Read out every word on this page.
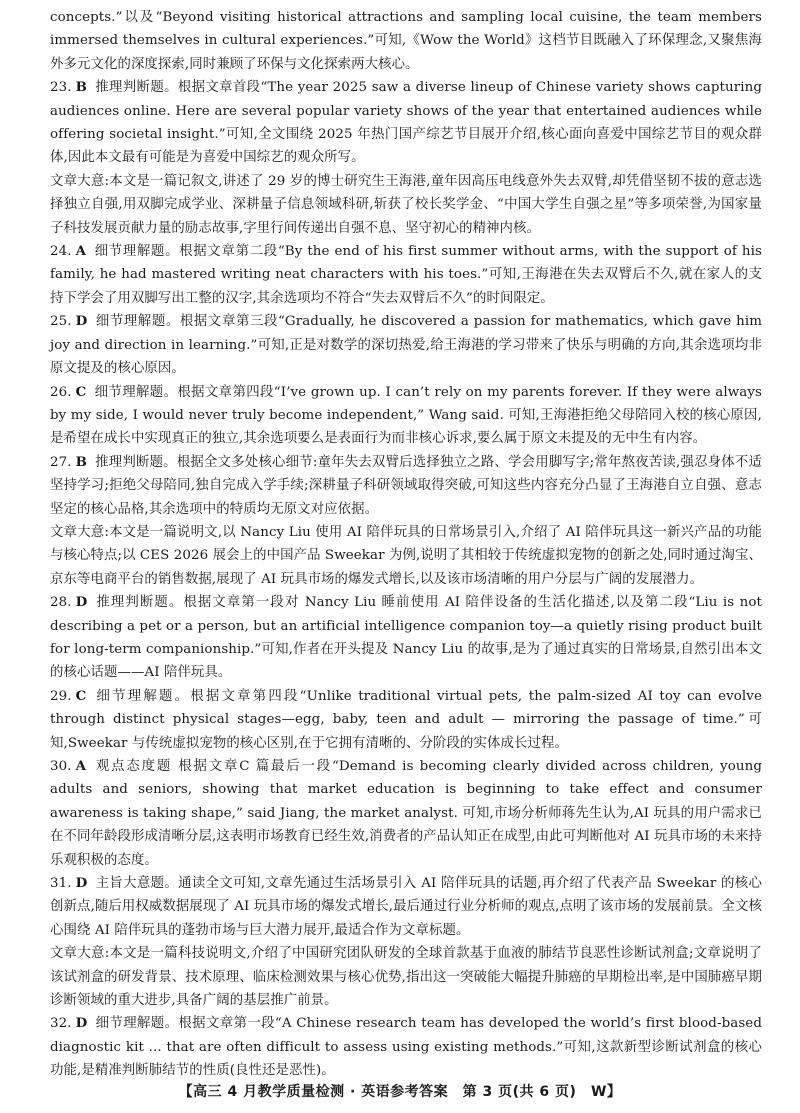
concepts.”以及“Beyond visiting historical attractions and sampling local cuisine, the team members immersed themselves in cultural experiences.”可知,《Wow the World》这档节目既融入了环保理念,又聚焦海外多元文化的深度探索,同时兼顾了环保与文化探索两大核心。

23. B 推理判断题。根据文章首段“The year 2025 saw a diverse lineup of Chinese variety shows capturing audiences online. Here are several popular variety shows of the year that entertained audiences while offering societal insight.”可知,全文围绕 2025 年热门国产综艺节目展开介绍,核心面向喜爱中国综艺节目的观众群体,因此本文最有可能是为喜爱中国综艺的观众所写。

文章大意:本文是一篇记叙文,讲述了 29 岁的博士研究生王海港,童年因高压电线意外失去双臂,却凭借坚韧不拔的意志选择独立自强,用双脚完成学业、深耕量子信息领域科研,斩获了校长奖学金、“中国大学生自强之星”等多项荣誉,为国家量子科技发展贡献力量的励志故事,字里行间传递出自强不息、坚守初心的精神内核。

24. A 细节理解题。根据文章第二段“By the end of his first summer without arms, with the support of his family, he had mastered writing neat characters with his toes.”可知,王海港在失去双臂后不久,就在家人的支持下学会了用双脚写出工整的汉字,其余选项均不符合“失去双臂后不久”的时间限定。

25. D 细节理解题。根据文章第三段“Gradually, he discovered a passion for mathematics, which gave him joy and direction in learning.”可知,正是对数学的深切热爱,给王海港的学习带来了快乐与明确的方向,其余选项均非原文提及的核心原因。

26. C 细节理解题。根据文章第四段“I’ve grown up. I can’t rely on my parents forever. If they were always by my side, I would never truly become independent,” Wang said. 可知,王海港拒绝父母陪同入校的核心原因,是希望在成长中实现真正的独立,其余选项要么是表面行为而非核心诉求,要么属于原文未提及的无中生有内容。

27. B 推理判断题。根据全文多处核心细节:童年失去双臂后选择独立之路、学会用脚写字;常年熬夜苦读,强忍身体不适坚持学习;拒绝父母陪同,独自完成入学手续;深耕量子科研领域取得突破,可知这些内容充分凸显了王海港自立自强、意志坚定的核心品格,其余选项中的特质均无原文对应依据。

文章大意:本文是一篇说明文,以 Nancy Liu 使用 AI 陪伴玩具的日常场景引入,介绍了 AI 陪伴玩具这一新兴产品的功能与核心特点;以 CES 2026 展会上的中国产品 Sweekar 为例,说明了其相较于传统虚拟宠物的创新之处,同时通过淘宝、京东等电商平台的销售数据,展现了 AI 玩具市场的爆发式增长,以及该市场清晰的用户分层与广阔的发展潜力。

28. D 推理判断题。根据文章第一段对 Nancy Liu 睡前使用 AI 陪伴设备的生活化描述,以及第二段“Liu is not describing a pet or a person, but an artificial intelligence companion toy—a quietly rising product built for long-term companionship.”可知,作者在开头提及 Nancy Liu 的故事,是为了通过真实的日常场景,自然引出本文的核心话题——AI 陪伴玩具。

29. C 细节理解题。根据文章第四段“Unlike traditional virtual pets, the palm-sized AI toy can evolve through distinct physical stages—egg, baby, teen and adult — mirroring the passage of time.”可知,Sweekar 与传统虚拟宠物的核心区别,在于它拥有清晰的、分阶段的实体成长过程。

30. A 观点态度题 根据文章C 篇最后一段“Demand is becoming clearly divided across children, young adults and seniors, showing that market education is beginning to take effect and consumer awareness is taking shape,” said Jiang, the market analyst. 可知,市场分析师蒋先生认为,AI 玩具的用户需求已在不同年龄段形成清晰分层,这表明市场教育已经生效,消费者的产品认知正在成型,由此可判断他对 AI 玩具市场的未来持乐观积极的态度。

31. D 主旨大意题。通读全文可知,文章先通过生活场景引入 AI 陪伴玩具的话题,再介绍了代表产品 Sweekar 的核心创新点,随后用权威数据展现了 AI 玩具市场的爆发式增长,最后通过行业分析师的观点,点明了该市场的发展前景。全文核心围绕 AI 陪伴玩具的蓬勃市场与巨大潜力展开,最适合作为文章标题。

文章大意:本文是一篇科技说明文,介绍了中国研究团队研发的全球首款基于血液的肺结节良恶性诊断试剂盒;文章说明了该试剂盒的研发背景、技术原理、临床检测效果与核心优势,指出这一突破能大幅提升肺癌的早期检出率,是中国肺癌早期诊断领域的重大进步,具备广阔的基层推广前景。

32. D 细节理解题。根据文章第一段“A Chinese research team has developed the world’s first blood-based diagnostic kit ... that are often difficult to assess using existing methods.”可知,这款新型诊断试剂盒的核心功能,是精准判断肺结节的性质(良性还是恶性)。

【高三 4 月教学质量检测 · 英语参考答案　第 3 页(共 6 页)　W】
